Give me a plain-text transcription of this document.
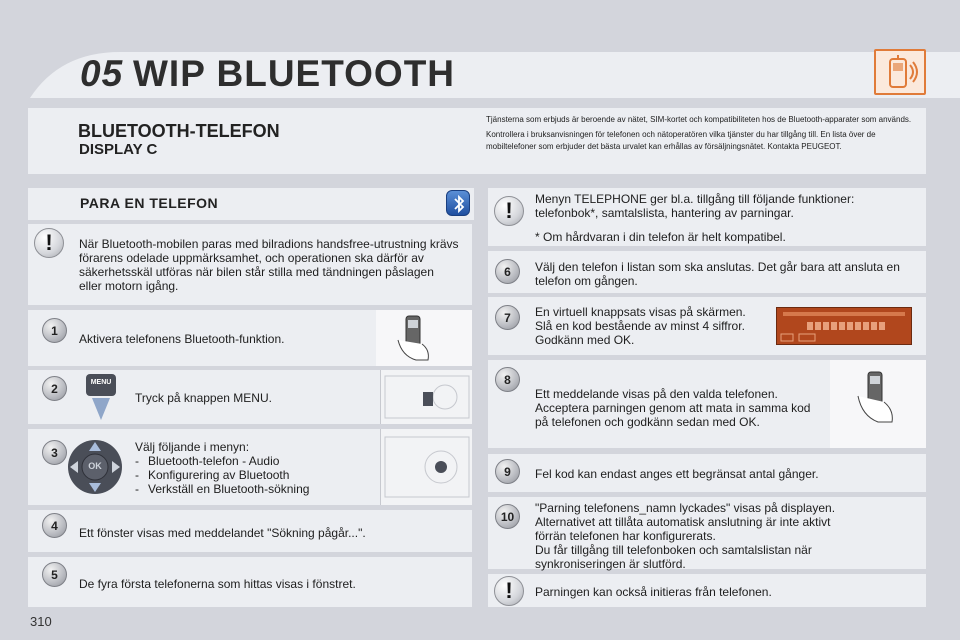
05 WIP BLUETOOTH
BLUETOOTH-TELEFON
DISPLAY C

Tjänsterna som erbjuds är beroende av nätet, SIM-kortet och kompatibiliteten hos de Bluetooth-apparater som används.

Kontrollera i bruksanvisningen för telefonen och nätoperatören vilka tjänster du har tillgång till. En lista över de mobiltelefoner som erbjuder det bästa urvalet kan erhållas av försäljningsnätet. Kontakta PEUGEOT.

PARA EN TELEFON
!	När Bluetooth-mobilen paras med bilradions handsfree-utrustning krävs förarens odelade uppmärksamhet, och operationen ska därför av säkerhetsskäl utföras när bilen står stilla med tändningen påslagen eller motorn igång.
1
Aktivera telefonens Bluetooth-funktion.
2	MENU
Tryck på knappen MENU.
3
OK
Välj följande i menyn:
- Bluetooth-telefon - Audio
- Konfigurering av Bluetooth
- Verkställ en Bluetooth-sökning
4
Ett fönster visas med meddelandet "Sökning pågår...".
5
De fyra första telefonerna som hittas visas i fönstret.
!	Menyn TELEPHONE ger bl.a. tillgång till följande funktioner:
telefonbok*, samtalslista, hantering av parningar.
* Om hårdvaran i din telefon är helt kompatibel.
6	Välj den telefon i listan som ska anslutas. Det går bara att ansluta en telefon om gången.
7	En virtuell knappsats visas på skärmen.
Slå en kod bestående av minst 4 siffror.
Godkänn med OK.
8
Ett meddelande visas på den valda telefonen.
Acceptera parningen genom att mata in samma kod
på telefonen och godkänn sedan med OK.
9	Fel kod kan endast anges ett begränsat antal gånger.
10
"Parning telefonens_namn lyckades" visas på displayen.
Alternativet att tillåta automatisk anslutning är inte aktivt
förrän telefonen har konfigurerats.
Du får tillgång till telefonboken och samtalslistan när
synkroniseringen är slutförd.
!	Parningen kan också initieras från telefonen.
310
